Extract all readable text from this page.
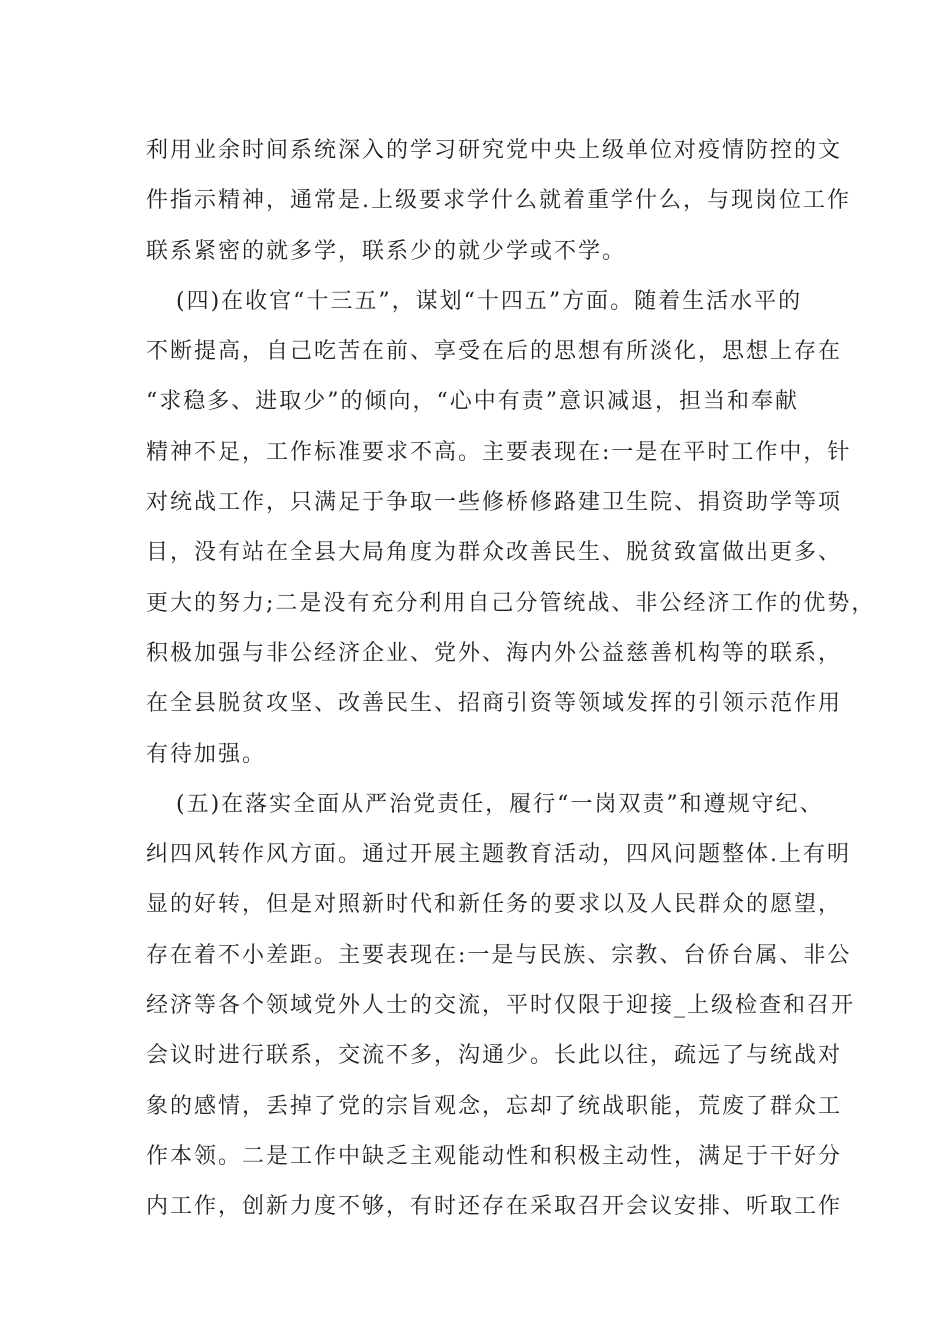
利用业余时间系统深入的学习研究党中央上级单位对疫情防控的文

件指示精神，通常是.上级要求学什么就着重学什么，与现岗位工作

联系紧密的就多学，联系少的就少学或不学。

(四)在收官“十三五”，谋划“十四五”方面。随着生活水平的

不断提高，自己吃苦在前、享受在后的思想有所淡化，思想上存在

“求稳多、进取少”的倾向，“心中有责”意识减退，担当和奉献

精神不足，工作标准要求不高。主要表现在:一是在平时工作中，针

对统战工作，只满足于争取一些修桥修路建卫生院、捐资助学等项

目，没有站在全县大局角度为群众改善民生、脱贫致富做出更多、

更大的努力;二是没有充分利用自己分管统战、非公经济工作的优势，

积极加强与非公经济企业、党外、海内外公益慈善机构等的联系，

在全县脱贫攻坚、改善民生、招商引资等领域发挥的引领示范作用

有待加强。

(五)在落实全面从严治党责任，履行“一岗双责”和遵规守纪、

纠四风转作风方面。通过开展主题教育活动，四风问题整体.上有明

显的好转，但是对照新时代和新任务的要求以及人民群众的愿望，

存在着不小差距。主要表现在:一是与民族、宗教、台侨台属、非公

经济等各个领域党外人士的交流，平时仅限于迎接_上级检查和召开

会议时进行联系，交流不多，沟通少。长此以往，疏远了与统战对

象的感情，丢掉了党的宗旨观念，忘却了统战职能，荒废了群众工

作本领。二是工作中缺乏主观能动性和积极主动性，满足于干好分

内工作，创新力度不够，有时还存在采取召开会议安排、听取工作
